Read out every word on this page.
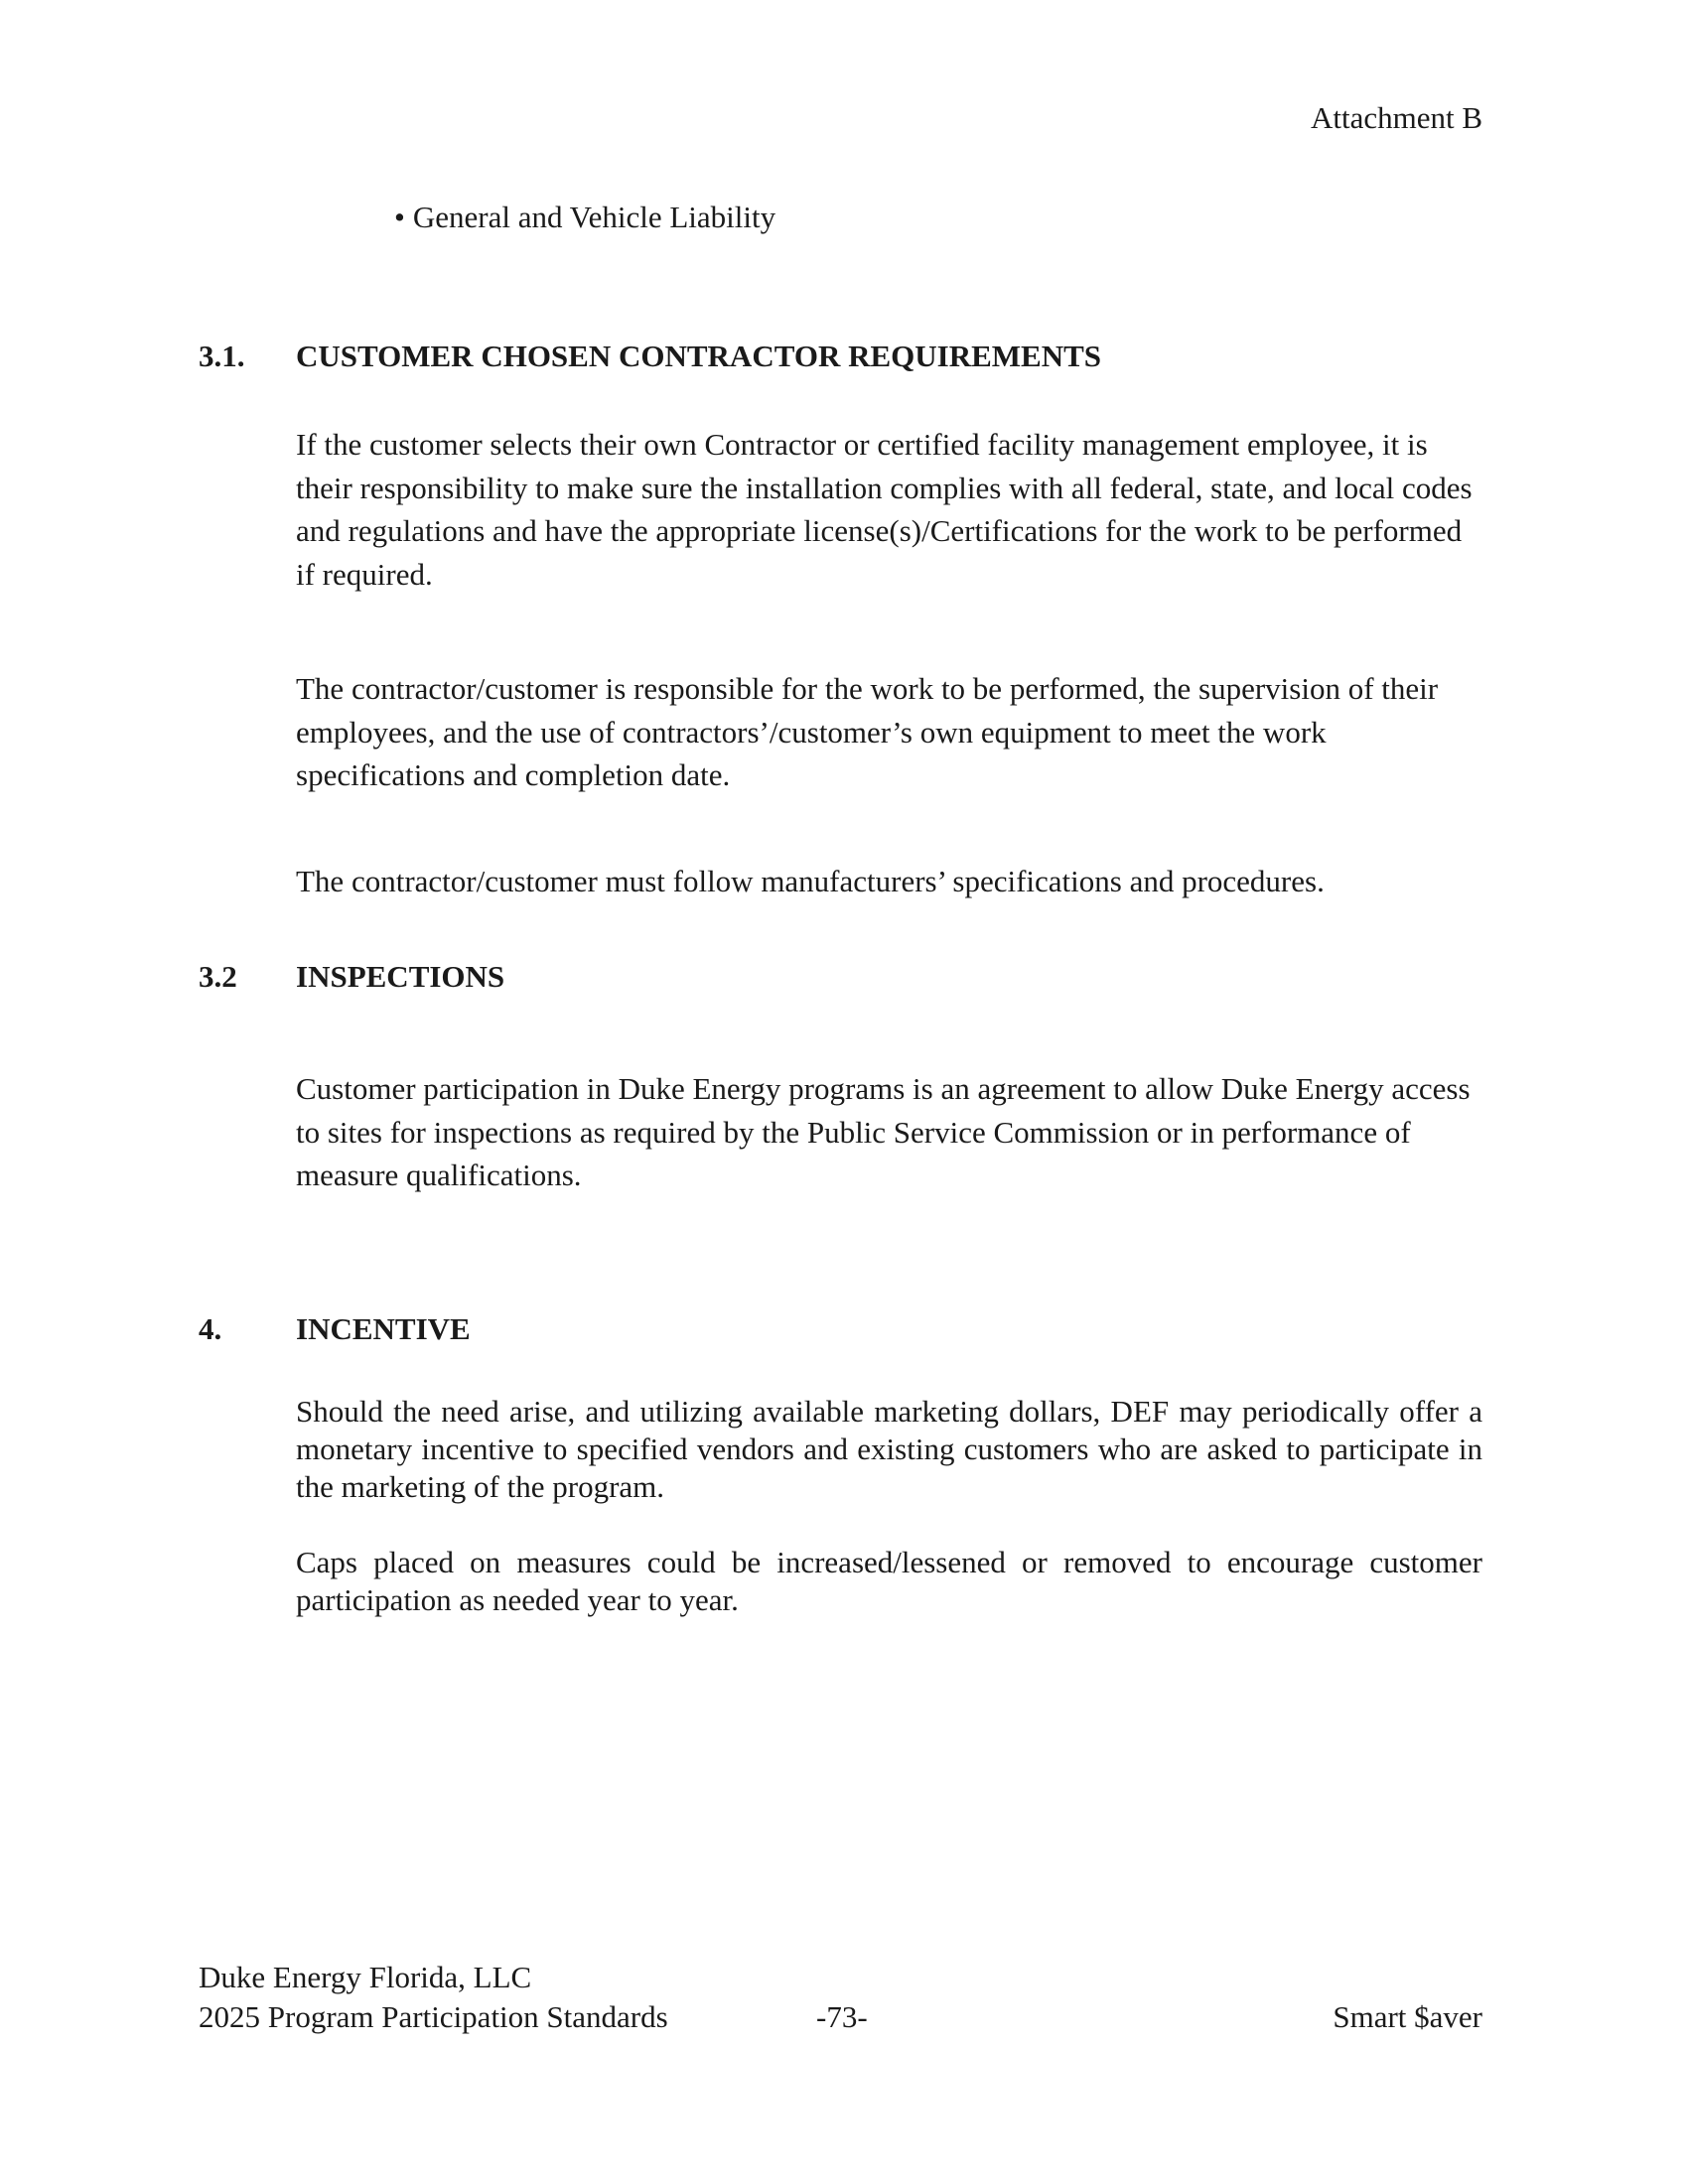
Attachment B
• General and Vehicle Liability
3.1. CUSTOMER CHOSEN CONTRACTOR REQUIREMENTS

If the customer selects their own Contractor or certified facility management employee, it is their responsibility to make sure the installation complies with all federal, state, and local codes and regulations and have the appropriate license(s)/Certifications for the work to be performed if required.

The contractor/customer is responsible for the work to be performed, the supervision of their employees, and the use of contractors’/customer’s own equipment to meet the work specifications and completion date.

The contractor/customer must follow manufacturers’ specifications and procedures.

3.2 INSPECTIONS

Customer participation in Duke Energy programs is an agreement to allow Duke Energy access to sites for inspections as required by the Public Service Commission or in performance of measure qualifications.

4. INCENTIVE

Should the need arise, and utilizing available marketing dollars, DEF may periodically offer a monetary incentive to specified vendors and existing customers who are asked to participate in the marketing of the program.

Caps placed on measures could be increased/lessened or removed to encourage customer participation as needed year to year.

Duke Energy Florida, LLC
2025 Program Participation Standards	-73-	Smart $aver
